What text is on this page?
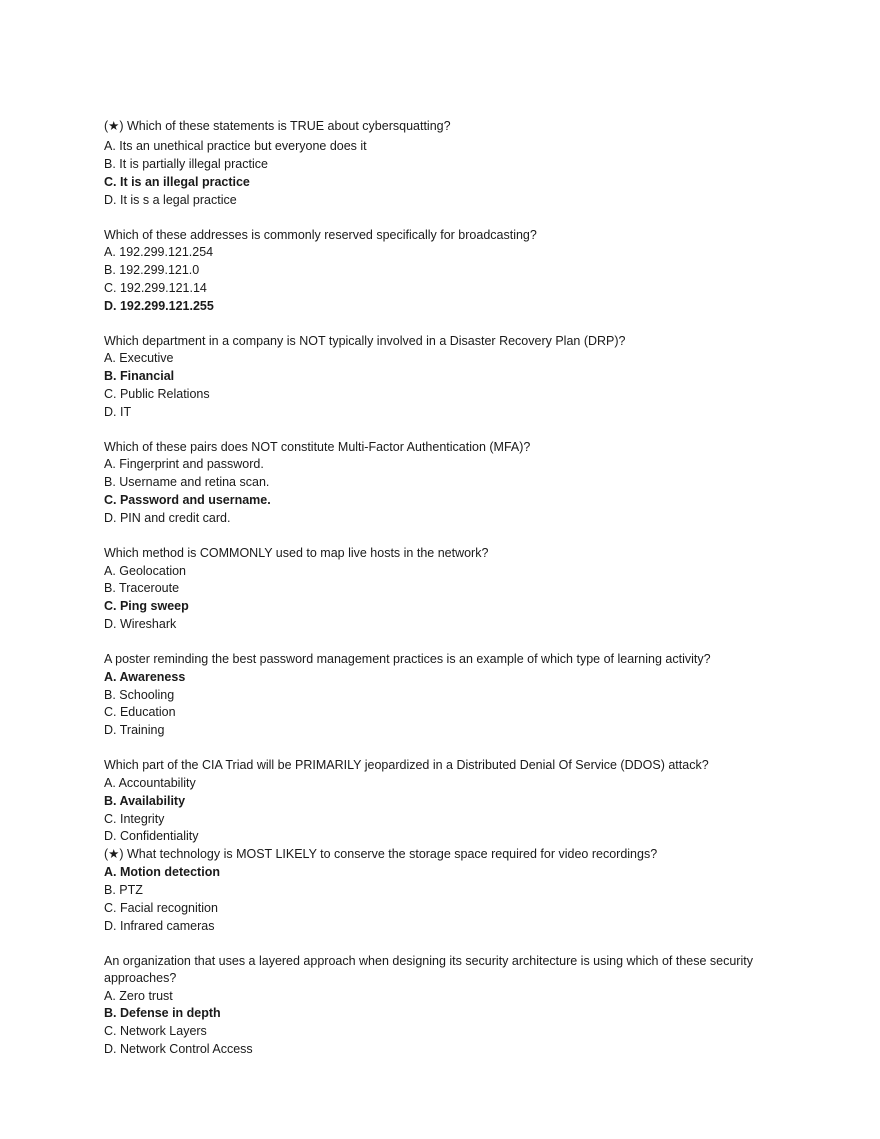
(★) Which of these statements is TRUE about cybersquatting?
A. Its an unethical practice but everyone does it
B. It is partially illegal practice
C. It is an illegal practice
D. It is s a legal practice
Which of these addresses is commonly reserved specifically for broadcasting?
A. 192.299.121.254
B. 192.299.121.0
C. 192.299.121.14
D. 192.299.121.255
Which department in a company is NOT typically involved in a Disaster Recovery Plan (DRP)?
A. Executive
B. Financial
C. Public Relations
D. IT
Which of these pairs does NOT constitute Multi-Factor Authentication (MFA)?
A. Fingerprint and password.
B. Username and retina scan.
C. Password and username.
D. PIN and credit card.
Which method is COMMONLY used to map live hosts in the network?
A. Geolocation
B. Traceroute
C. Ping sweep
D. Wireshark
A poster reminding the best password management practices is an example of which type of learning activity?
A. Awareness
B. Schooling
C. Education
D. Training
Which part of the CIA Triad will be PRIMARILY jeopardized in a Distributed Denial Of Service (DDOS) attack?
A. Accountability
B. Availability
C. Integrity
D. Confidentiality
(★) What technology is MOST LIKELY to conserve the storage space required for video recordings?
A. Motion detection
B. PTZ
C. Facial recognition
D. Infrared cameras
An organization that uses a layered approach when designing its security architecture is using which of these security approaches?
A. Zero trust
B. Defense in depth
C. Network Layers
D. Network Control Access
